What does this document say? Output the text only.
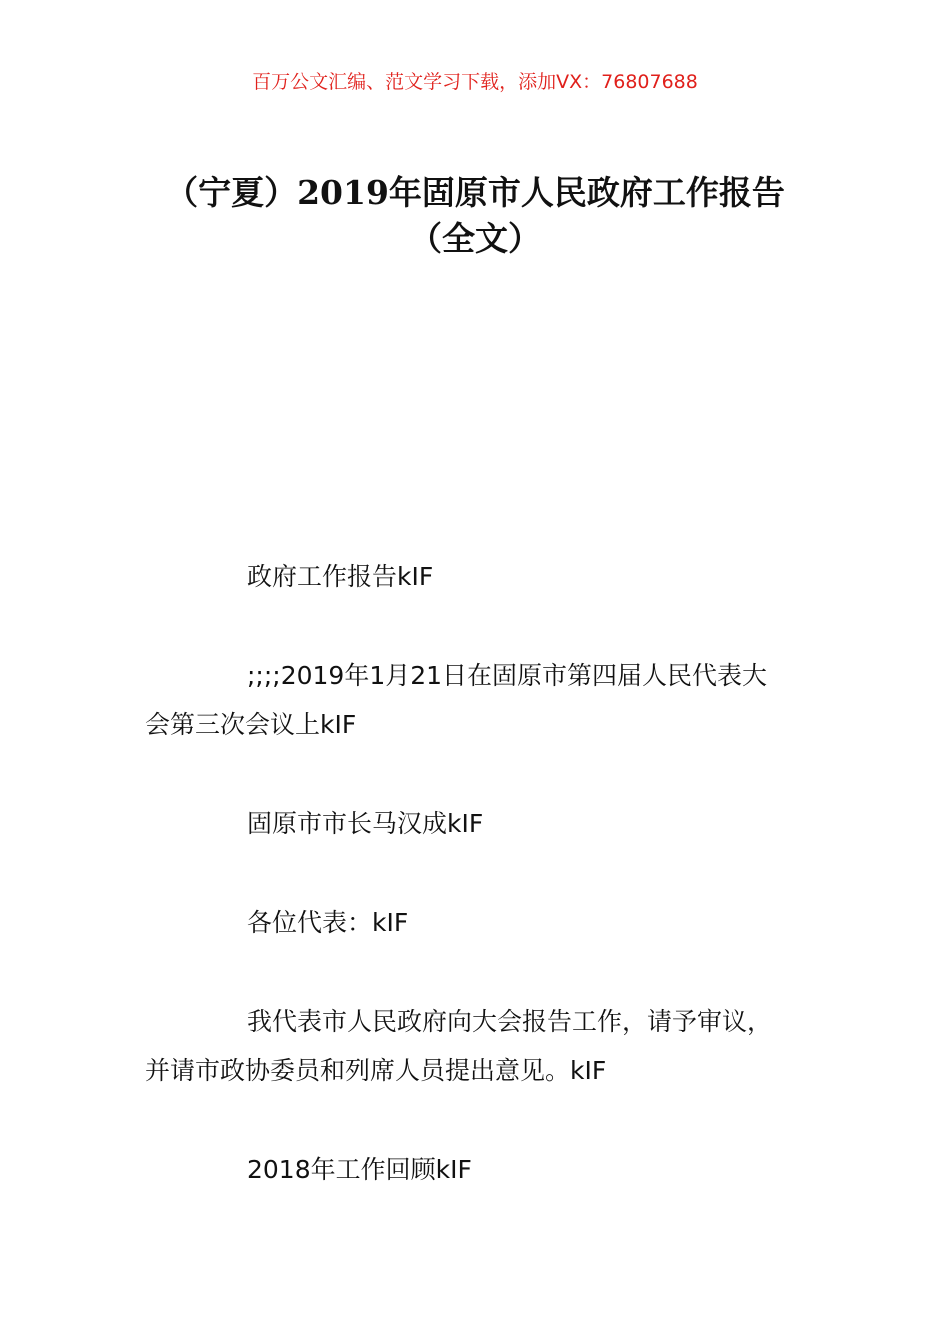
百万公文汇编、范文学习下载，添加VX：76807688
（宁夏）2019年固原市人民政府工作报告
（全文）

政府工作报告kIF

;;;;2019年1月21日在固原市第四届人民代表大
会第三次会议上kIF

固原市市长马汉成kIF

各位代表：kIF

我代表市人民政府向大会报告工作，请予审议，
并请市政协委员和列席人员提出意见。kIF

2018年工作回顾kIF
